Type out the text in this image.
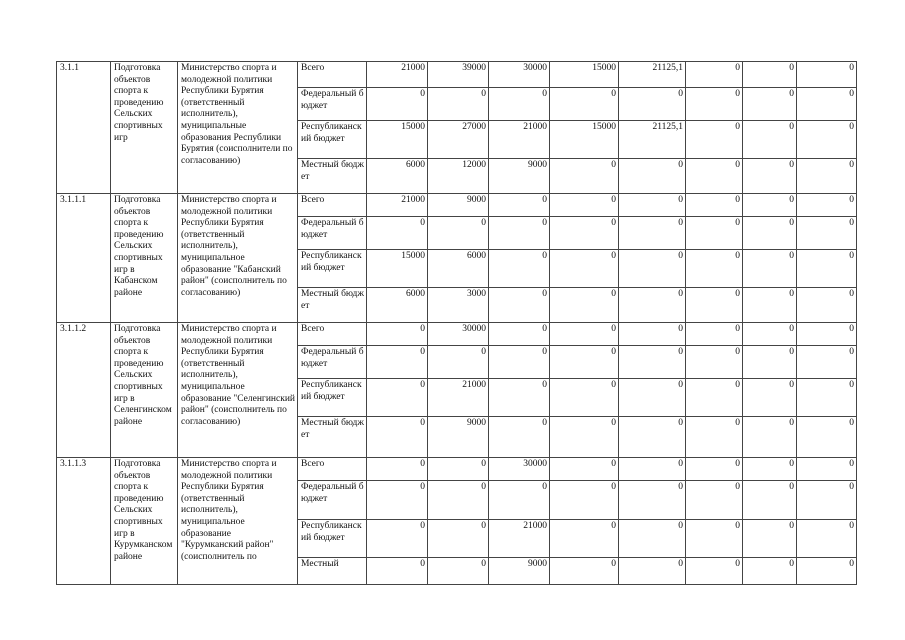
3.1.1	Подготовка объектов спорта к проведению Сельских спортивных игр	Министерство спорта и молодежной политики Республики Бурятия (ответственный исполнитель), муниципальные образования Республики Бурятия (соисполнители по согласованию)	Всего	21000	39000	30000	15000	21125,1	0	0	0
			Федеральный бюджет	0	0	0	0	0	0	0	0
			Республиканский бюджет	15000	27000	21000	15000	21125,1	0	0	0
			Местный бюджет	6000	12000	9000	0	0	0	0	0
3.1.1.1	Подготовка объектов спорта к проведению Сельских спортивных игр в Кабанском районе	Министерство спорта и молодежной политики Республики Бурятия (ответственный исполнитель), муниципальное образование "Кабанский район" (соисполнитель по согласованию)	Всего	21000	9000	0	0	0	0	0	0
			Федеральный бюджет	0	0	0	0	0	0	0	0
			Республиканский бюджет	15000	6000	0	0	0	0	0	0
			Местный бюджет	6000	3000	0	0	0	0	0	0
3.1.1.2	Подготовка объектов спорта к проведению Сельских спортивных игр в Селенгинском районе	Министерство спорта и молодежной политики Республики Бурятия (ответственный исполнитель), муниципальное образование "Селенгинский район" (соисполнитель по согласованию)	Всего	0	30000	0	0	0	0	0	0
			Федеральный бюджет	0	0	0	0	0	0	0	0
			Республиканский бюджет	0	21000	0	0	0	0	0	0
			Местный бюджет	0	9000	0	0	0	0	0	0
3.1.1.3	Подготовка объектов спорта к проведению Сельских спортивных игр в Курумканском районе	Министерство спорта и молодежной политики Республики Бурятия (ответственный исполнитель), муниципальное образование "Курумканский район" (соисполнитель по	Всего	0	0	30000	0	0	0	0	0
			Федеральный бюджет	0	0	0	0	0	0	0	0
			Республиканский бюджет	0	0	21000	0	0	0	0	0
			Местный	0	0	9000	0	0	0	0	0
